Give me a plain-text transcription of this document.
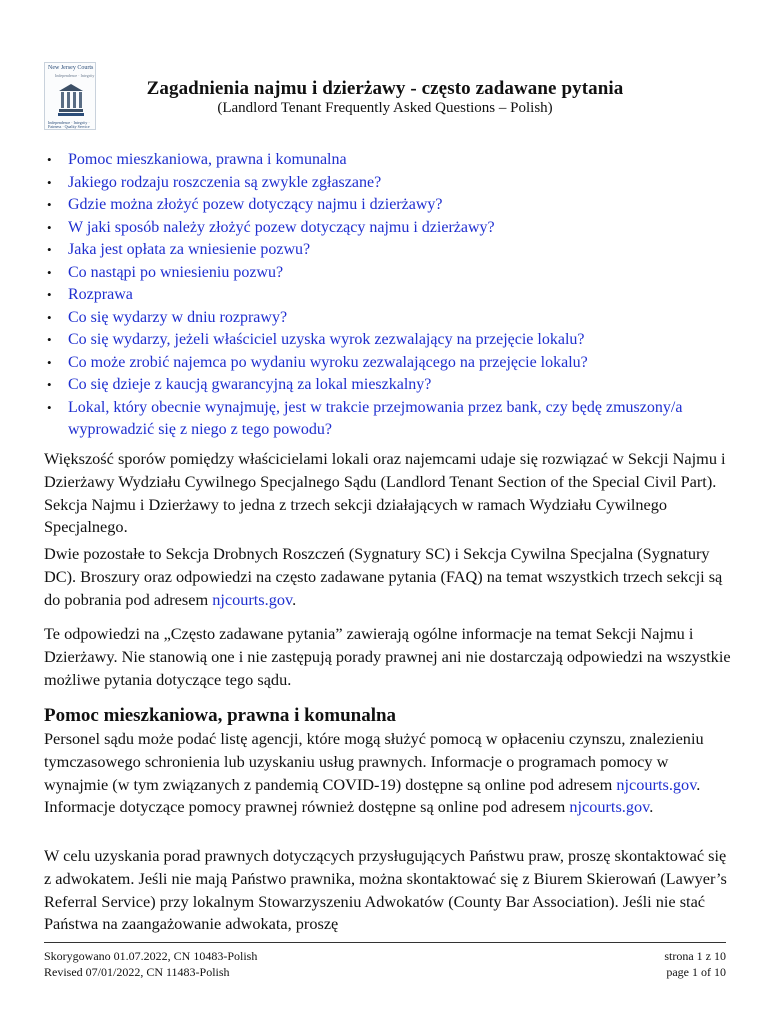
New Jersey Courts
Independence · Integrity
Independence · Integrity · Fairness · Quality Service
Zagadnienia najmu i dzierżawy - często zadawane pytania
(Landlord Tenant Frequently Asked Questions – Polish)
• Pomoc mieszkaniowa, prawna i komunalna
• Jakiego rodzaju roszczenia są zwykle zgłaszane?
• Gdzie można złożyć pozew dotyczący najmu i dzierżawy?
• W jaki sposób należy złożyć pozew dotyczący najmu i dzierżawy?
• Jaka jest opłata za wniesienie pozwu?
• Co nastąpi po wniesieniu pozwu?
• Rozprawa
• Co się wydarzy w dniu rozprawy?
• Co się wydarzy, jeżeli właściciel uzyska wyrok zezwalający na przejęcie lokalu?
• Co może zrobić najemca po wydaniu wyroku zezwalającego na przejęcie lokalu?
• Co się dzieje z kaucją gwarancyjną za lokal mieszkalny?
• Lokal, który obecnie wynajmuję, jest w trakcie przejmowania przez bank, czy będę zmuszony/a wyprowadzić się z niego z tego powodu?

Większość sporów pomiędzy właścicielami lokali oraz najemcami udaje się rozwiązać w Sekcji Najmu i Dzierżawy Wydziału Cywilnego Specjalnego Sądu (Landlord Tenant Section of the Special Civil Part). Sekcja Najmu i Dzierżawy to jedna z trzech sekcji działających w ramach Wydziału Cywilnego Specjalnego.

Dwie pozostałe to Sekcja Drobnych Roszczeń (Sygnatury SC) i Sekcja Cywilna Specjalna (Sygnatury DC). Broszury oraz odpowiedzi na często zadawane pytania (FAQ) na temat wszystkich trzech sekcji są do pobrania pod adresem njcourts.gov.

Te odpowiedzi na „Często zadawane pytania” zawierają ogólne informacje na temat Sekcji Najmu i Dzierżawy. Nie stanowią one i nie zastępują porady prawnej ani nie dostarczają odpowiedzi na wszystkie możliwe pytania dotyczące tego sądu.

Pomoc mieszkaniowa, prawna i komunalna

Personel sądu może podać listę agencji, które mogą służyć pomocą w opłaceniu czynszu, znalezieniu tymczasowego schronienia lub uzyskaniu usług prawnych. Informacje o programach pomocy w wynajmie (w tym związanych z pandemią COVID-19) dostępne są online pod adresem njcourts.gov. Informacje dotyczące pomocy prawnej również dostępne są online pod adresem njcourts.gov.

W celu uzyskania porad prawnych dotyczących przysługujących Państwu praw, proszę skontaktować się z adwokatem. Jeśli nie mają Państwo prawnika, można skontaktować się z Biurem Skierowań (Lawyer’s Referral Service) przy lokalnym Stowarzyszeniu Adwokatów (County Bar Association). Jeśli nie stać Państwa na zaangażowanie adwokata, proszę

Skorygowano 01.07.2022, CN 10483-Polish
Revised 07/01/2022, CN 11483-Polish
strona 1 z 10
page 1 of 10
